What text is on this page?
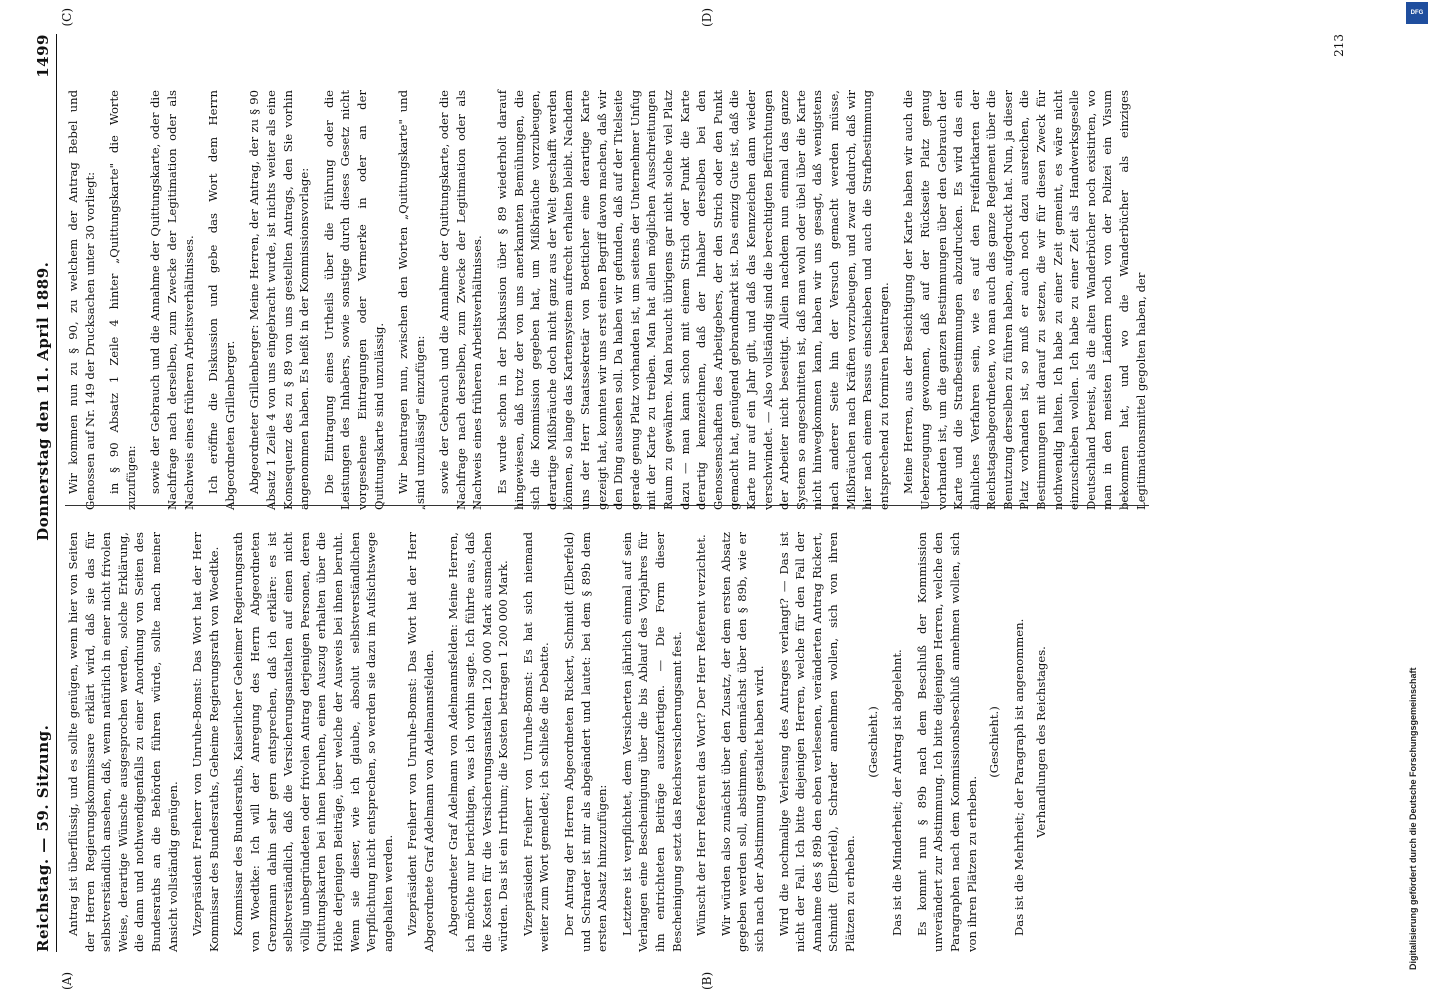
Reichstag. — 59. Sitzung.
Donnerstag den 11. April 1889.
1499

Antrag ist überflüssig, und es sollte genügen, wenn hier von Seiten der Herren Regierungskommissare erklärt wird, daß sie das für selbstverständlich ansehen, daß, wenn natürlich in einer nicht frivolen Weise, derartige Wünsche ausgesprochen werden, solche Erklärung, die dann und nothwendigenfalls zu einer Anordnung von Seiten des Bundesraths an die Behörden führen würde, sollte nach meiner Ansicht vollständig genügen. Vizepräsident Freiherr von Unruhe-Bomst: Das Wort hat der Herr Kommissar des Bundesraths, Geheime Regierungsrath von Woedtke. Kommissar des Bundesraths, Kaiserlicher Geheimer Regierungsrath von Woedtke: Ich will der Anregung des Herrn Abgeordneten Grenzmann dahin sehr gern entsprechen, daß ich erkläre: es ist selbstverständlich, daß die Versicherungsanstalten auf einen nicht völlig unbegründeten oder frivolen Antrag derjenigen Personen, deren Quittungskarten bei ihnen beruhen, einen Auszug erhalten über die Höhe derjenigen Beiträge, über welche der Ausweis bei ihnen beruht. Wenn sie dieser, wie ich glaube, absolut selbstverständlichen Verpflichtung nicht entsprechen, so werden sie dazu im Aufsichtswege angehalten werden. Vizepräsident Freiherr von Unruhe-Bomst: Das Wort hat der Herr Abgeordnete Graf Adelmann von Adelmannsfelden. Abgeordneter Graf Adelmann von Adelmannsfelden: Meine Herren, ich möchte nur berichtigen, was ich vorhin sagte. Ich führte aus, daß die Kosten für die Versicherungsanstalten 120 000 Mark ausmachen würden. Das ist ein Irrthum; die Kosten betragen 1 200 000 Mark. Vizepräsident Freiherr von Unruhe-Bomst: Es hat sich niemand weiter zum Wort gemeldet; ich schließe die Debatte. Der Antrag der Herren Abgeordneten Rickert, Schmidt (Elberfeld) und Schrader ist mir als abgeändert und lautet: bei dem § 89b dem ersten Absatz hinzuzufügen: Letztere ist verpflichtet, dem Versicherten jährlich einmal auf sein Verlangen eine Bescheinigung über die bis Ablauf des Vorjahres für ihn entrichteten Beiträge auszufertigen. — Die Form dieser Bescheinigung setzt das Reichsversicherungsamt fest. Wünscht der Herr Referent das Wort? Der Herr Referent verzichtet. Wir würden also zunächst über den Zusatz, der dem ersten Absatz gegeben werden soll, abstimmen, demnächst über den § 89b, wie er sich nach der Abstimmung gestaltet haben wird. Wird die nochmalige Verlesung des Antrages verlangt? — Das ist nicht der Fall. Ich bitte diejenigen Herren, welche für den Fall der Annahme des § 89b den eben verlesenen, veränderten Antrag Rickert, Schmidt (Elberfeld), Schrader annehmen wollen, sich von ihren Plätzen zu erheben.

(Geschieht.) Das ist die Minderheit; der Antrag ist abgelehnt. Es kommt nun § 89b nach dem Beschluß der Kommission unverändert zur Abstimmung. Ich bitte diejenigen Herren, welche den Paragraphen nach dem Kommissionsbeschluß annehmen wollen, sich von ihren Plätzen zu erheben.

(Geschieht.) Das ist die Mehrheit; der Paragraph ist angenommen. Verhandlungen des Reichstages.

Wir kommen nun zu § 90, zu welchem der Antrag Bebel und Genossen auf Nr. 149 der Drucksachen unter 30 vorliegt: in § 90 Absatz 1 Zeile 4 hinter „Quittungskarte" die Worte zuzufügen: sowie der Gebrauch und die Annahme der Quittungskarte, oder die Nachfrage nach derselben, zum Zwecke der Legitimation oder als Nachweis eines früheren Arbeitsverhältnisses. Ich eröffne die Diskussion und gebe das Wort dem Herrn Abgeordneten Grillenberger. Abgeordneter Grillenberger: Meine Herren, der Antrag, der zu § 90 Absatz 1 Zeile 4 von uns eingebracht wurde, ist nichts weiter als eine Konsequenz des zu § 89 von uns gestellten Antrags, den Sie vorhin angenommen haben. Es heißt in der Kommissionsvorlage: Die Eintragung eines Urtheils über die Führung oder die Leistungen des Inhabers, sowie sonstige durch dieses Gesetz nicht vorgesehene Eintragungen oder Vermerke in oder an der Quittungskarte sind unzulässig. Wir beantragen nun, zwischen den Worten „Quittungskarte" und „sind unzulässig" einzufügen: sowie der Gebrauch und die Annahme der Quittungskarte, oder die Nachfrage nach derselben, zum Zwecke der Legitimation oder als Nachweis eines früheren Arbeitsverhältnisses. Es wurde schon in der Diskussion über § 89 wiederholt darauf hingewiesen, daß trotz der von uns anerkannten Bemühungen, die sich die Kommission gegeben hat, um Mißbräuche vorzubeugen, derartige Mißbräuche doch nicht ganz aus der Welt geschafft werden können, so lange das Kartensystem aufrecht erhalten bleibt. Nachdem uns der Herr Staatssekretär von Boetticher eine derartige Karte gezeigt hat, konnten wir uns erst einen Begriff davon machen, daß wir den Ding aussehen soll. Da haben wir gefunden, daß auf der Titelseite gerade genug Platz vorhanden ist, um seitens der Unternehmer Unfug mit der Karte zu treiben. Man hat allen möglichen Ausschreitungen Raum zu gewähren. Man braucht übrigens gar nicht solche viel Platz dazu — man kann schon mit einem Strich oder Punkt die Karte derartig kennzeichnen, daß der Inhaber derselben bei den Genossenschaften des Arbeitgebers, der den Strich oder den Punkt gemacht hat, genügend gebrandmarkt ist. Das einzig Gute ist, daß die Karte nur auf ein Jahr gilt, und daß das Kennzeichen dann wieder verschwindet. — Also vollständig sind die berechtigten Befürchtungen der Arbeiter nicht beseitigt. Allein nachdem nun einmal das ganze System so angeschnitten ist, daß man wohl oder übel über die Karte nicht hinwegkommen kann, haben wir uns gesagt, daß wenigstens nach anderer Seite hin der Versuch gemacht werden müsse, Mißbräuchen nach Kräften vorzubeugen, und zwar dadurch, daß wir hier nach einem Passus einschieben und auch die Strafbestimmung entsprechend zu formiren beantragen. Meine Herren, aus der Besichtigung der Karte haben wir auch die Ueberzeugung gewonnen, daß auf der Rückseite Platz genug vorhanden ist, um die ganzen Bestimmungen über den Gebrauch der Karte und die Strafbestimmungen abzudrucken. Es wird das ein ähnliches Verfahren sein, wie es auf den Freifahrtkarten der Reichstagsabgeordneten, wo man auch das ganze Reglement über die Benutzung derselben zu führen haben, aufgedruckt hat. Nun, ja dieser Platz vorhanden ist, so muß er auch noch dazu ausreichen, die Bestimmungen mit darauf zu setzen, die wir für diesen Zweck für nothwendig halten. Ich habe zu einer Zeit gemeint, es wäre nicht einzuschieben wollen. Ich habe zu einer Zeit als Handwerksgeselle Deutschland bereist, als die alten Wanderbücher noch existirten, wo man in den meisten Ländern noch von der Polizei ein Visum bekommen hat, und wo die Wanderbücher als einziges Legitimationsmittel gegolten haben, der

(A)	(B)
(C)	(D)
213
DFG
Digitalisierung gefördert durch die Deutsche Forschungsgemeinschaft
